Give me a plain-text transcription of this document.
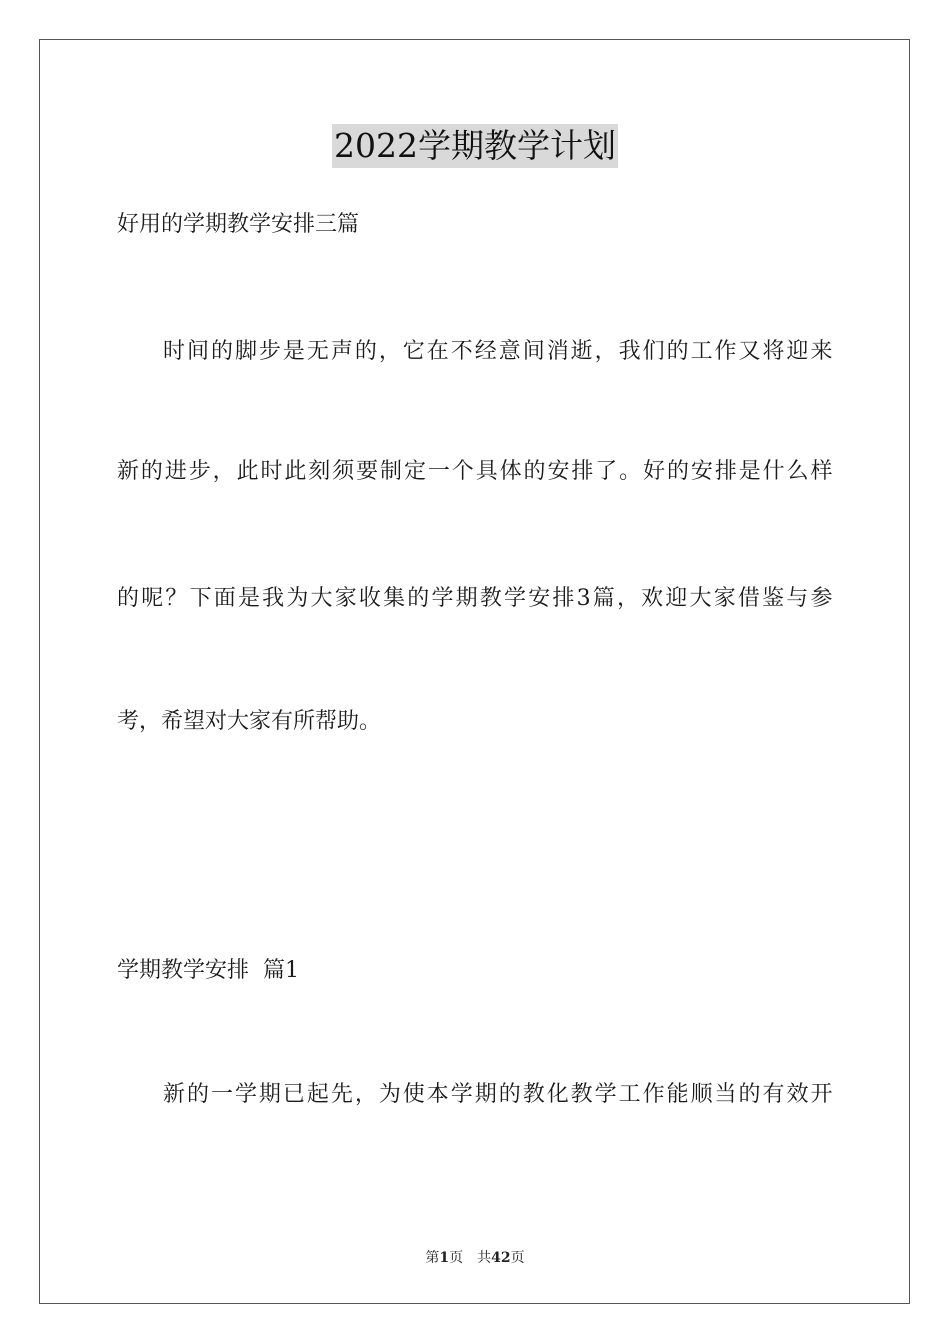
2022学期教学计划
好用的学期教学安排三篇
时间的脚步是无声的，它在不经意间消逝，我们的工作又将迎来
新的进步，此时此刻须要制定一个具体的安排了。好的安排是什么样
的呢？下面是我为大家收集的学期教学安排3篇，欢迎大家借鉴与参
考，希望对大家有所帮助。
学期教学安排  篇1
新的一学期已起先，为使本学期的教化教学工作能顺当的有效开
第1页 共42页
